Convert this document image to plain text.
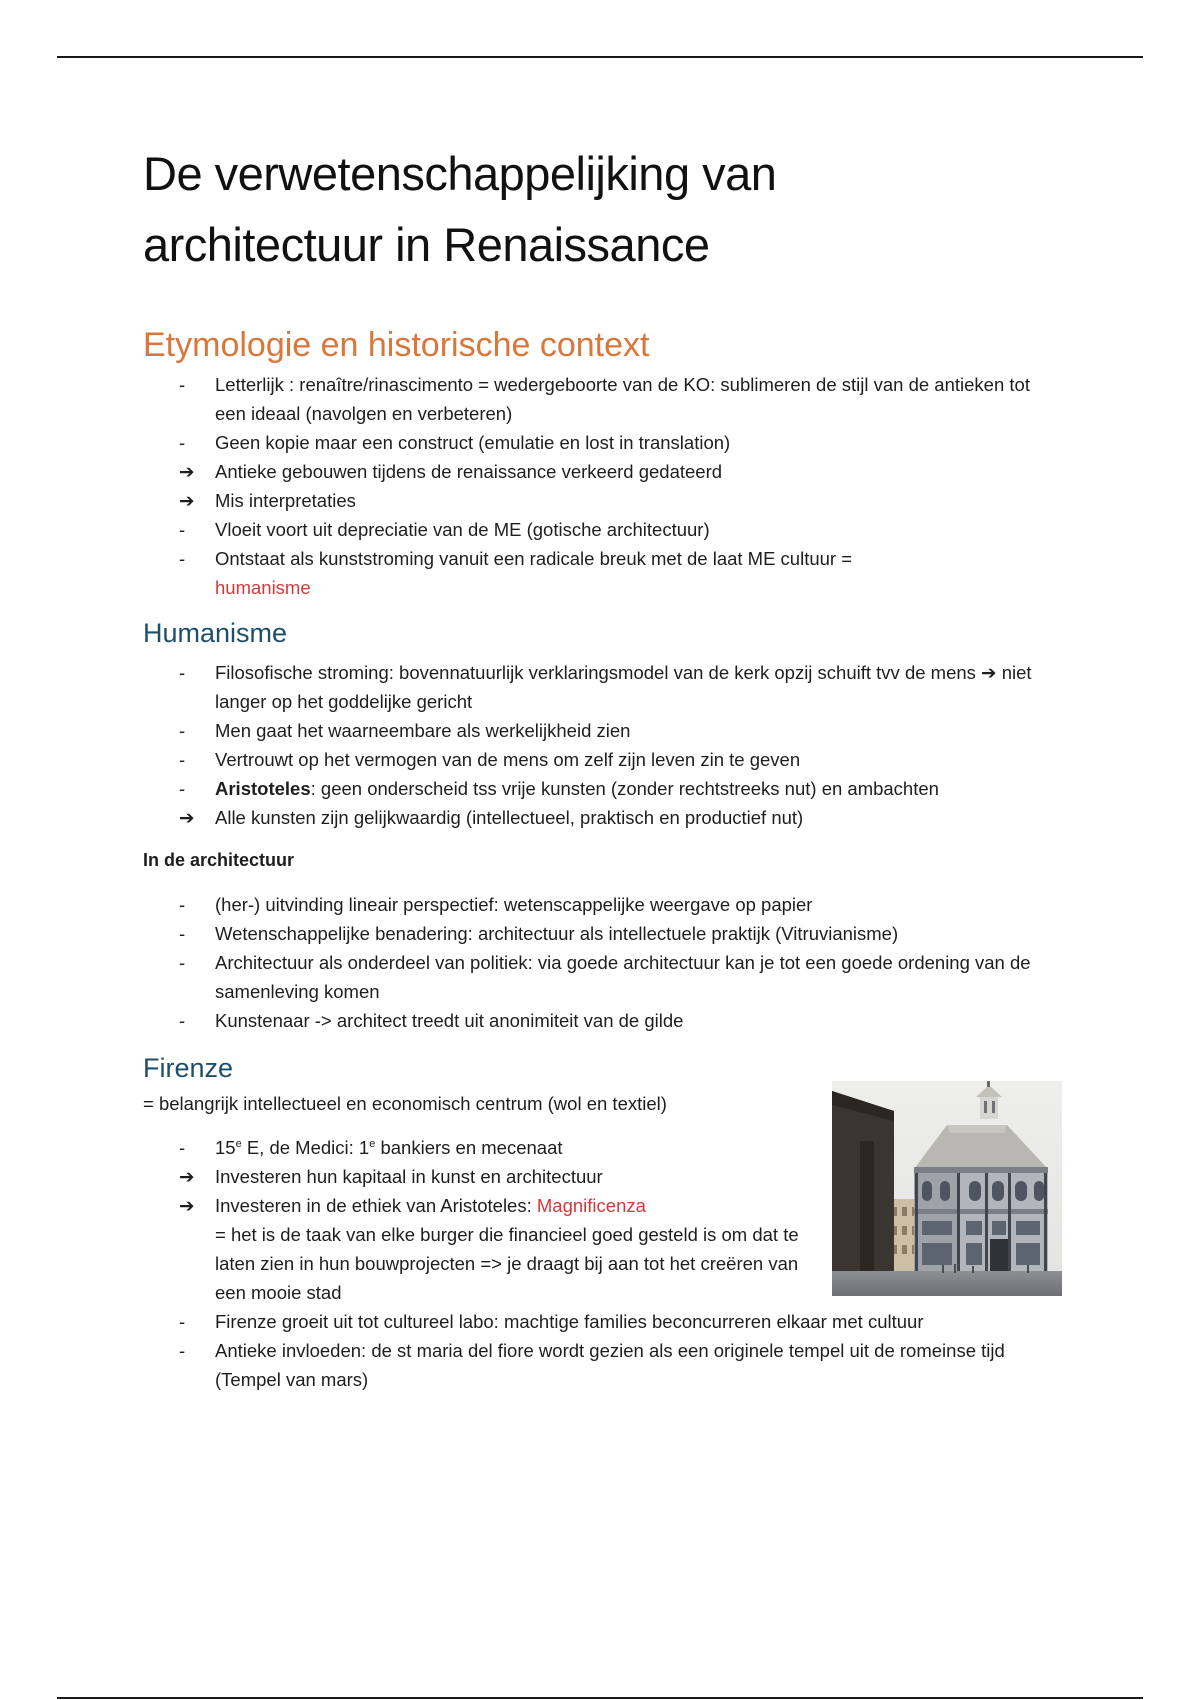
De verwetenschappelijking van
architectuur in Renaissance
Etymologie en historische context
-	Letterlijk : renaître/rinascimento = wedergeboorte van de KO: sublimeren de stijl van de antieken tot een ideaal (navolgen en verbeteren)
-	Geen kopie maar een construct (emulatie en lost in translation)
➔	Antieke gebouwen tijdens de renaissance verkeerd gedateerd
➔	Mis interpretaties
-	Vloeit voort uit depreciatie van de ME (gotische architectuur)
-	Ontstaat als kunststroming vanuit een radicale breuk met de laat ME cultuur =
humanisme
Humanisme
-	Filosofische stroming: bovennatuurlijk verklaringsmodel van de kerk opzij schuift tvv de mens ➔ niet langer op het goddelijke gericht
-	Men gaat het waarneembare als werkelijkheid zien
-	Vertrouwt op het vermogen van de mens om zelf zijn leven zin te geven
-	Aristoteles: geen onderscheid tss vrije kunsten (zonder rechtstreeks nut) en ambachten
➔	Alle kunsten zijn gelijkwaardig (intellectueel, praktisch en productief nut)
In de architectuur
-	(her-) uitvinding lineair perspectief: wetenscappelijke weergave op papier
-	Wetenschappelijke benadering: architectuur als intellectuele praktijk (Vitruvianisme)
-	Architectuur als onderdeel van politiek: via goede architectuur kan je tot een goede ordening van de samenleving komen
-	Kunstenaar -> architect treedt uit anonimiteit van de gilde
Firenze

= belangrijk intellectueel en economisch centrum (wol en textiel)

-	15e E, de Medici: 1e bankiers en mecenaat
➔	Investeren hun kapitaal in kunst en architectuur
➔	Investeren in de ethiek van Aristoteles: Magnificenza
= het is de taak van elke burger die financieel goed gesteld is om dat te laten zien in hun bouwprojecten => je draagt bij aan tot het creëren van een mooie stad
-	Firenze groeit uit tot cultureel labo: machtige families beconcurreren elkaar met cultuur
-	Antieke invloeden: de st maria del fiore wordt gezien als een originele tempel uit de romeinse tijd (Tempel van mars)
